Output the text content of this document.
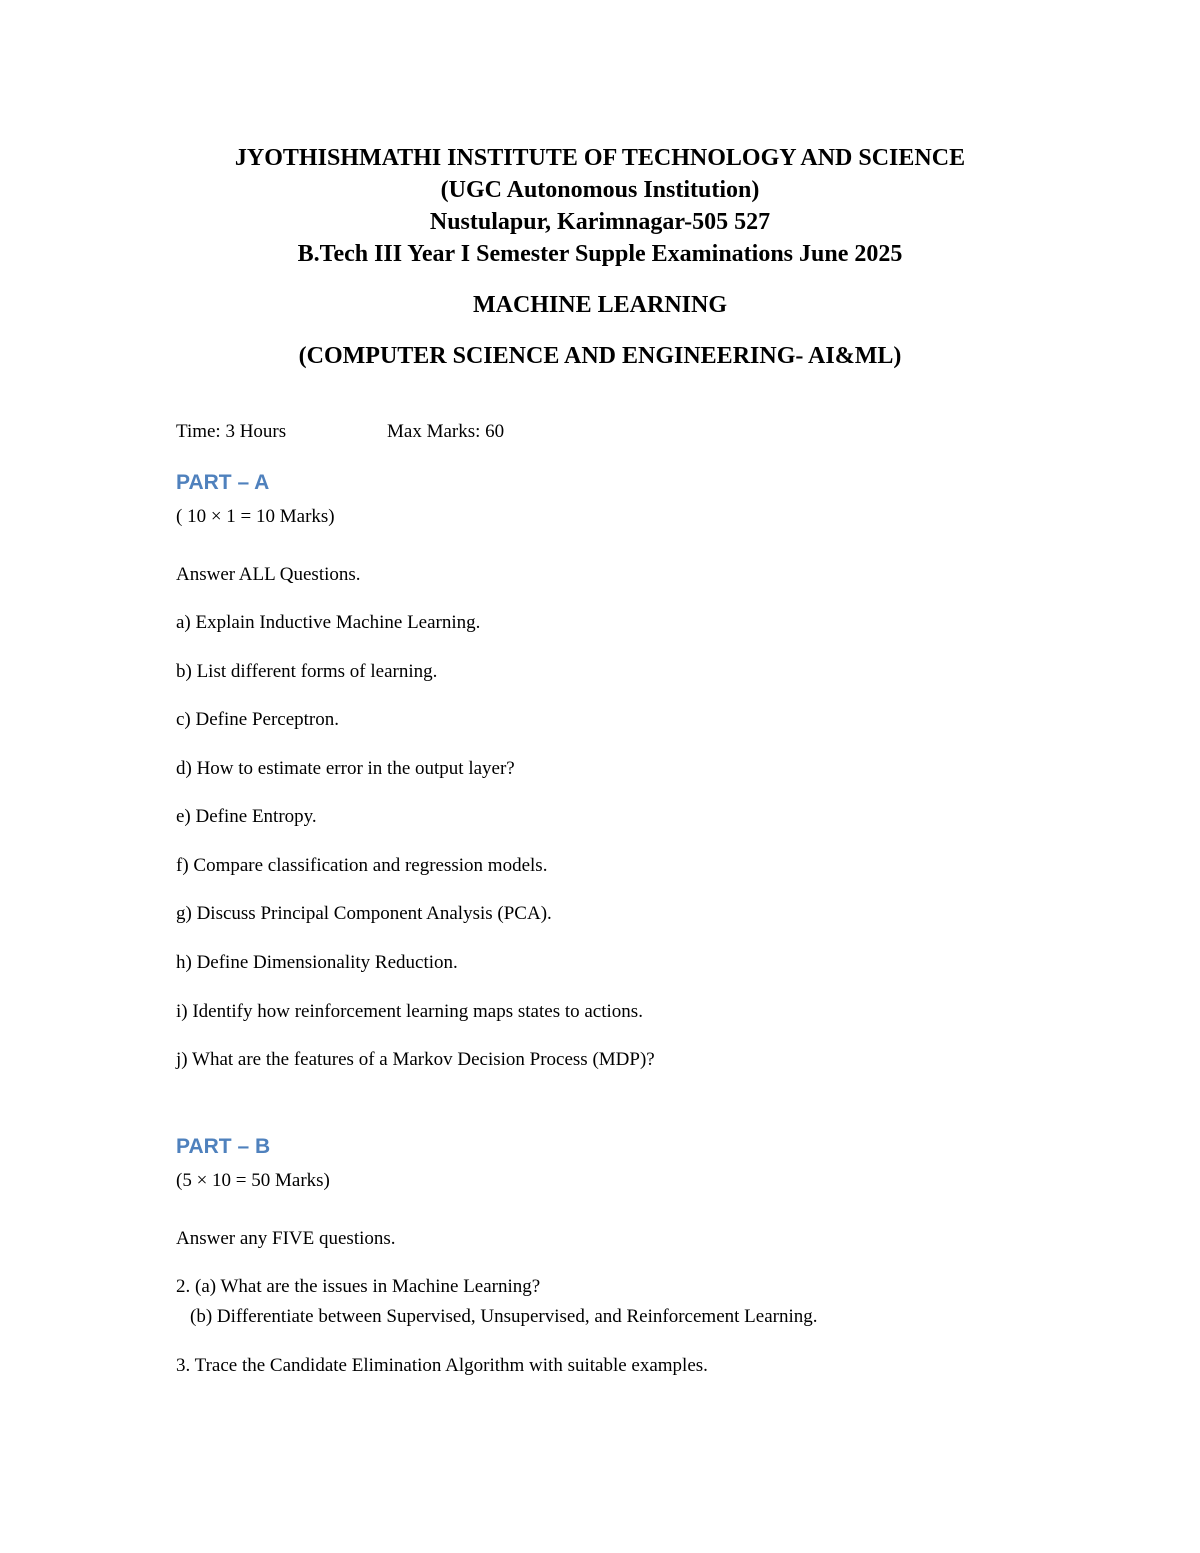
JYOTHISHMATHI INSTITUTE OF TECHNOLOGY AND SCIENCE
(UGC Autonomous Institution)
Nustulapur, Karimnagar-505 527
B.Tech III Year I Semester Supple Examinations June 2025
MACHINE LEARNING
(COMPUTER SCIENCE AND ENGINEERING- AI&ML)
Time: 3 Hours	Max Marks: 60
PART – A
( 10 × 1 = 10 Marks)
Answer ALL Questions.
a) Explain Inductive Machine Learning.
b) List different forms of learning.
c) Define Perceptron.
d) How to estimate error in the output layer?
e) Define Entropy.
f) Compare classification and regression models.
g) Discuss Principal Component Analysis (PCA).
h) Define Dimensionality Reduction.
i) Identify how reinforcement learning maps states to actions.
j) What are the features of a Markov Decision Process (MDP)?
PART – B
(5 × 10 = 50 Marks)
Answer any FIVE questions.
2. (a) What are the issues in Machine Learning?
(b) Differentiate between Supervised, Unsupervised, and Reinforcement Learning.
3. Trace the Candidate Elimination Algorithm with suitable examples.
